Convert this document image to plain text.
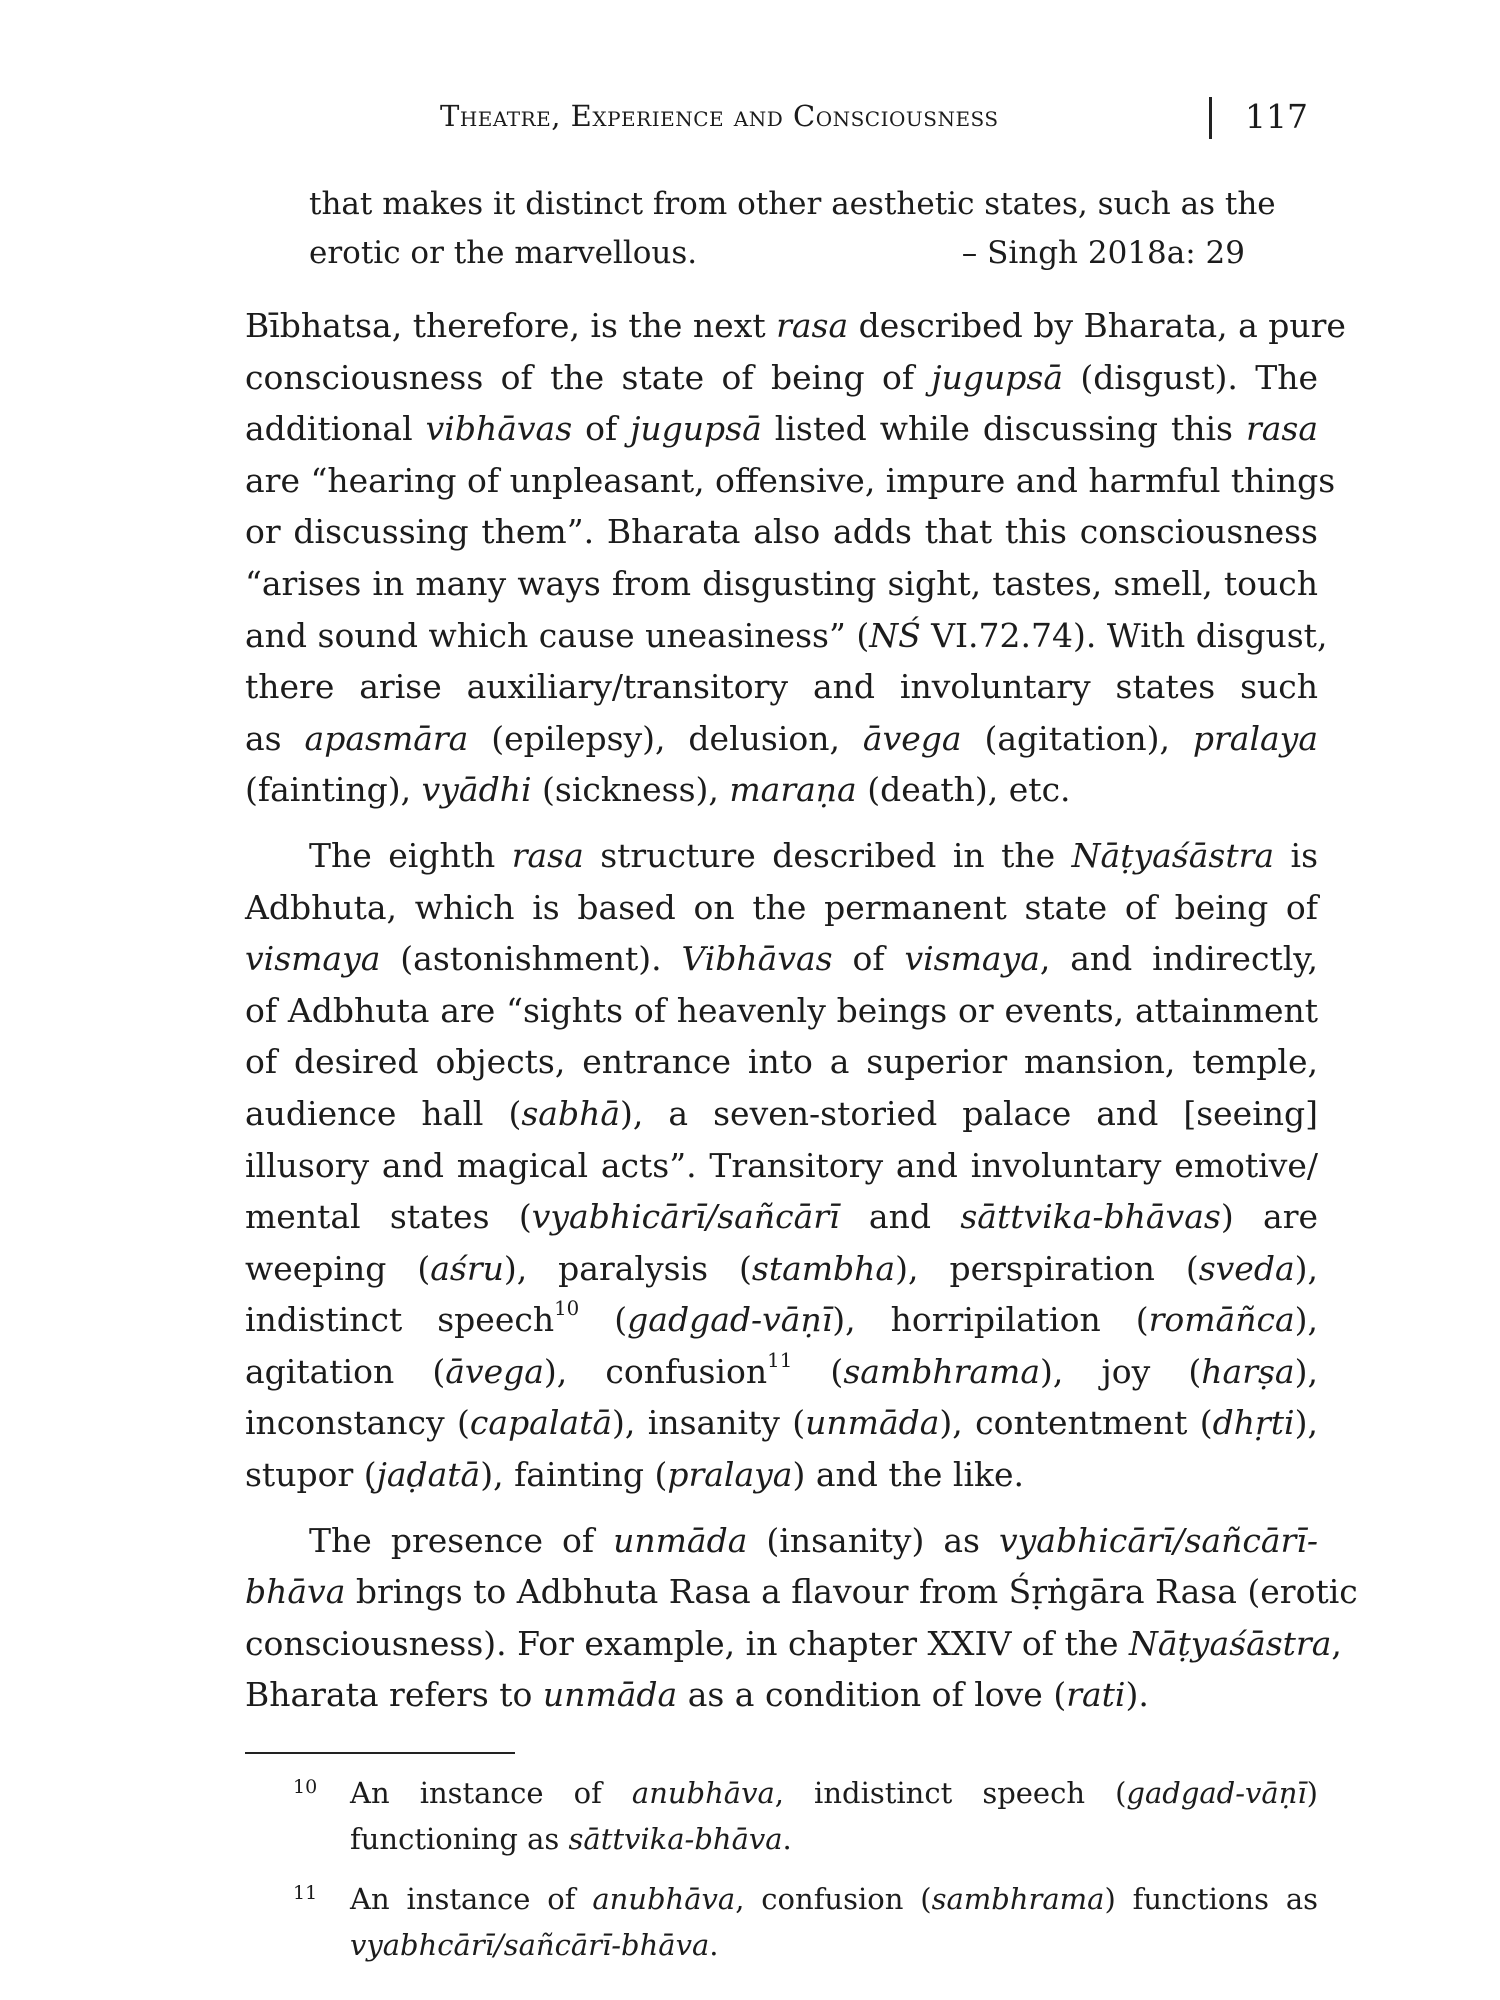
Theatre, Experience and Consciousness	117
that makes it distinct from other aesthetic states, such as the
erotic or the marvellous.	– Singh 2018a: 29
Bībhatsa, therefore, is the next rasa described by Bharata, a pure
consciousness of the state of being of jugupsā (disgust). The
additional vibhāvas of jugupsā listed while discussing this rasa
are “hearing of unpleasant, offensive, impure and harmful things
or discussing them”. Bharata also adds that this consciousness
“arises in many ways from disgusting sight, tastes, smell, touch
and sound which cause uneasiness” (NŚ VI.72.74). With disgust,
there arise auxiliary/transitory and involuntary states such
as apasmāra (epilepsy), delusion, āvega (agitation), pralaya
(fainting), vyādhi (sickness), maraṇa (death), etc.
The eighth rasa structure described in the Nāṭyaśāstra is
Adbhuta, which is based on the permanent state of being of
vismaya (astonishment). Vibhāvas of vismaya, and indirectly,
of Adbhuta are “sights of heavenly beings or events, attainment
of desired objects, entrance into a superior mansion, temple,
audience hall (sabhā), a seven-storied palace and [seeing]
illusory and magical acts”. Transitory and involuntary emotive/
mental states (vyabhicārī/sañcārī and sāttvika-bhāvas) are
weeping (aśru), paralysis (stambha), perspiration (sveda),
indistinct speech$^{10}$ (gadgad-vāṇī), horripilation (romāñca),
agitation (āvega), confusion$^{11}$ (sambhrama), joy (harṣa),
inconstancy (capalatā), insanity (unmāda), contentment (dhṛti),
stupor (jaḍatā), fainting (pralaya) and the like.
The presence of unmāda (insanity) as vyabhicārī/sañcārī-
bhāva brings to Adbhuta Rasa a flavour from Śṛṅgāra Rasa (erotic
consciousness). For example, in chapter XXIV of the Nāṭyaśāstra,
Bharata refers to unmāda as a condition of love (rati).
10 An instance of anubhāva, indistinct speech (gadgad-vāṇī)
functioning as sāttvika-bhāva.
11 An instance of anubhāva, confusion (sambhrama) functions as
vyabhcārī/sañcārī-bhāva.
